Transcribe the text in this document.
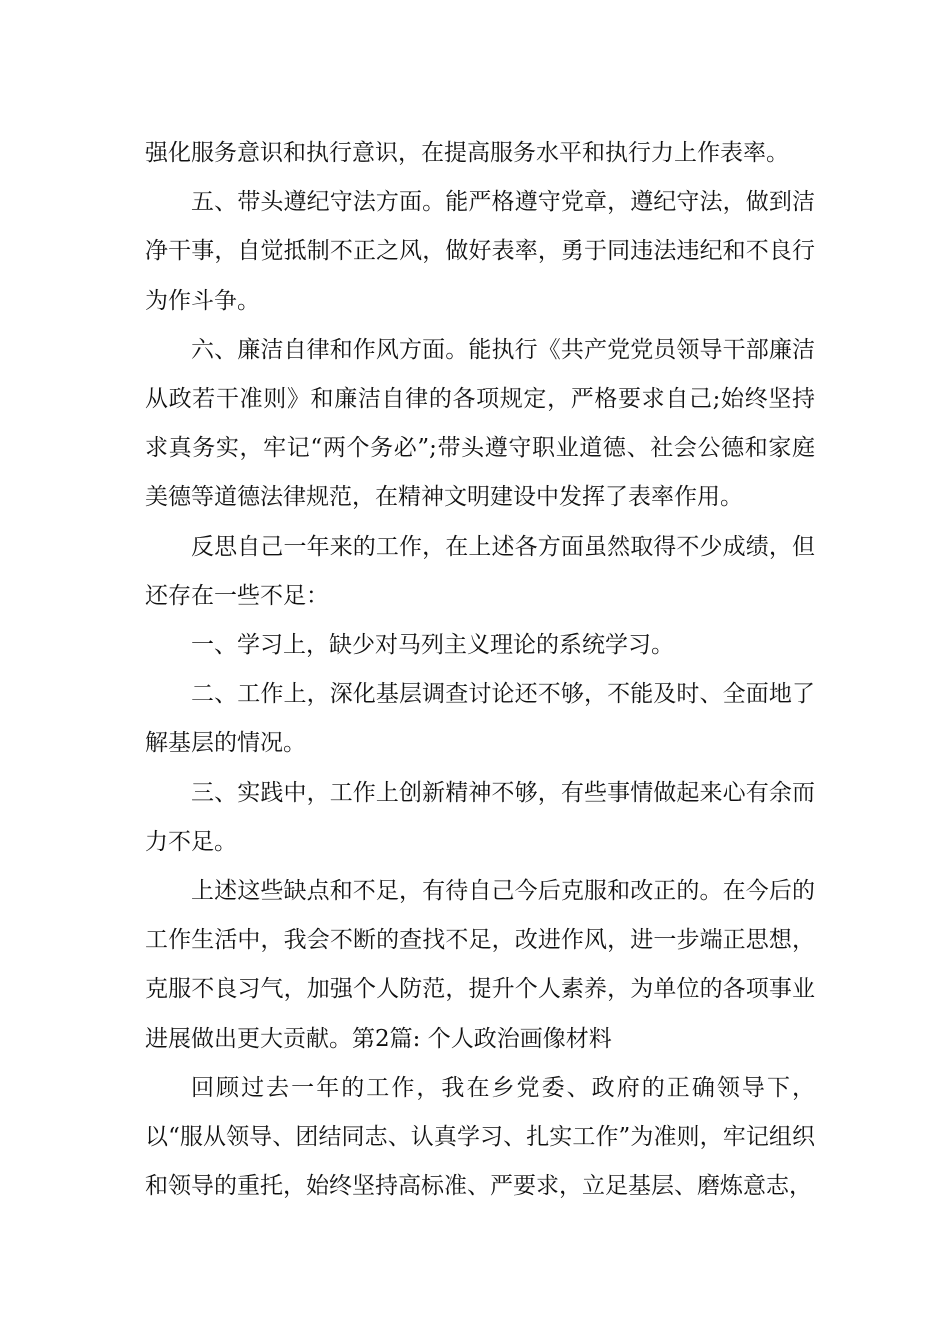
强化服务意识和执行意识，在提高服务水平和执行力上作表率。

五、带头遵纪守法方面。能严格遵守党章，遵纪守法，做到洁净干事，自觉抵制不正之风，做好表率，勇于同违法违纪和不良行为作斗争。

六、廉洁自律和作风方面。能执行《共产党党员领导干部廉洁从政若干准则》和廉洁自律的各项规定，严格要求自己;始终坚持求真务实，牢记“两个务必”;带头遵守职业道德、社会公德和家庭美德等道德法律规范，在精神文明建设中发挥了表率作用。

反思自己一年来的工作，在上述各方面虽然取得不少成绩，但还存在一些不足：

一、学习上，缺少对马列主义理论的系统学习。

二、工作上，深化基层调查讨论还不够，不能及时、全面地了解基层的情况。

三、实践中，工作上创新精神不够，有些事情做起来心有余而力不足。

上述这些缺点和不足，有待自己今后克服和改正的。在今后的工作生活中，我会不断的查找不足，改进作风，进一步端正思想，克服不良习气，加强个人防范，提升个人素养，为单位的各项事业进展做出更大贡献。第2篇: 个人政治画像材料

回顾过去一年的工作，我在乡党委、政府的正确领导下，以“服从领导、团结同志、认真学习、扎实工作”为准则，牢记组织和领导的重托，始终坚持高标准、严要求，立足基层、磨炼意志，
